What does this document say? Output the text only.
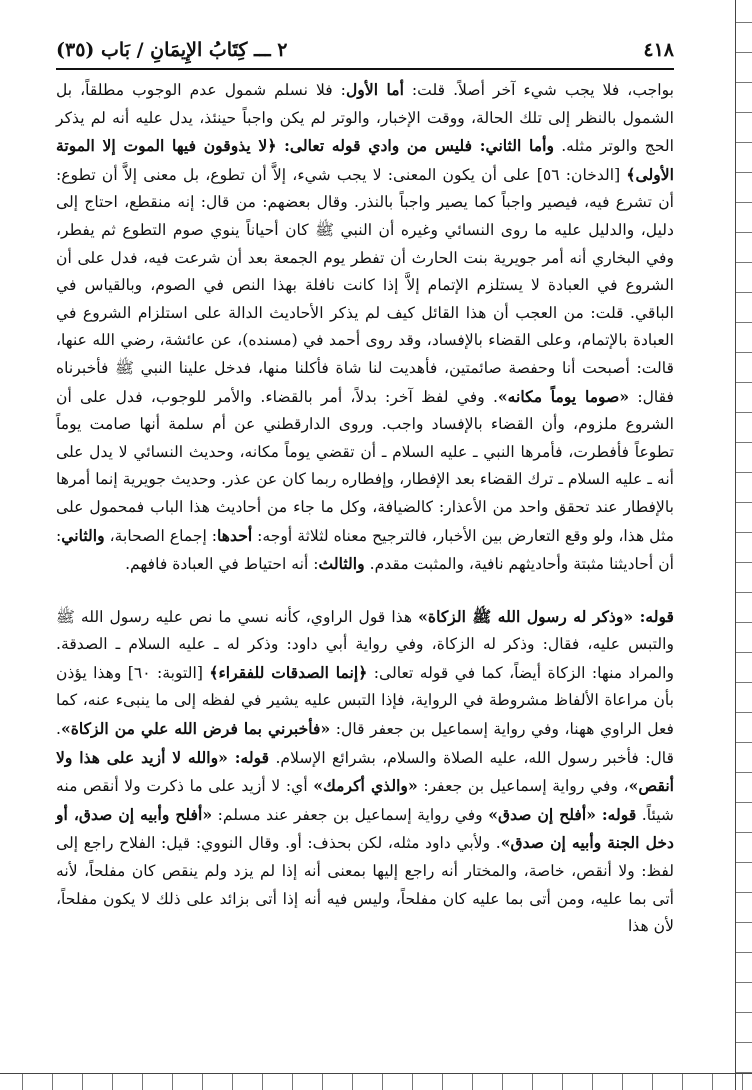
٤١٨
٢ ـــ كِتَابُ الإِيمَانِ / بَاب (٣٥)

بواجب، فلا يجب شيء آخر أصلاً. قلت: أما الأول: فلا نسلم شمول عدم الوجوب مطلقاً، بل الشمول بالنظر إلى تلك الحالة، ووقت الإخبار، والوتر لم يكن واجباً حينئذ، يدل عليه أنه لم يذكر الحج والوتر مثله. وأما الثاني: فليس من وادي قوله تعالى: ﴿لا يذوقون فيها الموت إلا الموتة الأولى﴾ [الدخان: ٥٦] على أن يكون المعنى: لا يجب شيء، إلاَّ أن تطوع، بل معنى إلاَّ أن تطوع: أن تشرع فيه، فيصير واجباً كما يصير واجباً بالنذر. وقال بعضهم: من قال: إنه منقطع، احتاج إلى دليل، والدليل عليه ما روى النسائي وغيره أن النبي ﷺ كان أحياناً ينوي صوم التطوع ثم يفطر، وفي البخاري أنه أمر جويرية بنت الحارث أن تفطر يوم الجمعة بعد أن شرعت فيه، فدل على أن الشروع في العبادة لا يستلزم الإتمام إلاَّ إذا كانت نافلة بهذا النص في الصوم، وبالقياس في الباقي. قلت: من العجب أن هذا القائل كيف لم يذكر الأحاديث الدالة على استلزام الشروع في العبادة بالإتمام، وعلى القضاء بالإفساد، وقد روى أحمد في (مسنده)، عن عائشة، رضي الله عنها، قالت: أصبحت أنا وحفصة صائمتين، فأهديت لنا شاة فأكلنا منها، فدخل علينا النبي ﷺ فأخبرناه فقال: «صوما يوماً مكانه». وفي لفظ آخر: بدلاً، أمر بالقضاء. والأمر للوجوب، فدل على أن الشروع ملزوم، وأن القضاء بالإفساد واجب. وروى الدارقطني عن أم سلمة أنها صامت يوماً تطوعاً فأفطرت، فأمرها النبي ـ عليه السلام ـ أن تقضي يوماً مكانه، وحديث النسائي لا يدل على أنه ـ عليه السلام ـ ترك القضاء بعد الإفطار، وإفطاره ربما كان عن عذر. وحديث جويرية إنما أمرها بالإفطار عند تحقق واحد من الأعذار: كالضيافة، وكل ما جاء من أحاديث هذا الباب فمحمول على مثل هذا، ولو وقع التعارض بين الأخبار، فالترجيح معناه لثلاثة أوجه: أحدها: إجماع الصحابة، والثاني: أن أحاديثنا مثبتة وأحاديثهم نافية، والمثبت مقدم. والثالث: أنه احتياط في العبادة فافهم.

قوله: «وذكر له رسول الله ﷺ الزكاة» هذا قول الراوي، كأنه نسي ما نص عليه رسول الله ﷺ والتبس عليه، فقال: وذكر له الزكاة، وفي رواية أبي داود: وذكر له ـ عليه السلام ـ الصدقة. والمراد منها: الزكاة أيضاً، كما في قوله تعالى: ﴿إنما الصدقات للفقراء﴾ [التوبة: ٦٠] وهذا يؤذن بأن مراعاة الألفاظ مشروطة في الرواية، فإذا التبس عليه يشير في لفظه إلى ما ينبىء عنه، كما فعل الراوي ههنا، وفي رواية إسماعيل بن جعفر قال: «فأخبرني بما فرض الله علي من الزكاة». قال: فأخبر رسول الله، عليه الصلاة والسلام، بشرائع الإسلام. قوله: «والله لا أزيد على هذا ولا أنقص»، وفي رواية إسماعيل بن جعفر: «والذي أكرمك» أي: لا أزيد على ما ذكرت ولا أنقص منه شيئاً. قوله: «أفلح إن صدق» وفي رواية إسماعيل بن جعفر عند مسلم: «أفلح وأبيه إن صدق، أو دخل الجنة وأبيه إن صدق». ولأبي داود مثله، لكن بحذف: أو. وقال النووي: قيل: الفلاح راجع إلى لفظ: ولا أنقص، خاصة، والمختار أنه راجع إليها بمعنى أنه إذا لم يزد ولم ينقص كان مفلحاً، لأنه أتى بما عليه، ومن أتى بما عليه كان مفلحاً، وليس فيه أنه إذا أتى بزائد على ذلك لا يكون مفلحاً، لأن هذا
